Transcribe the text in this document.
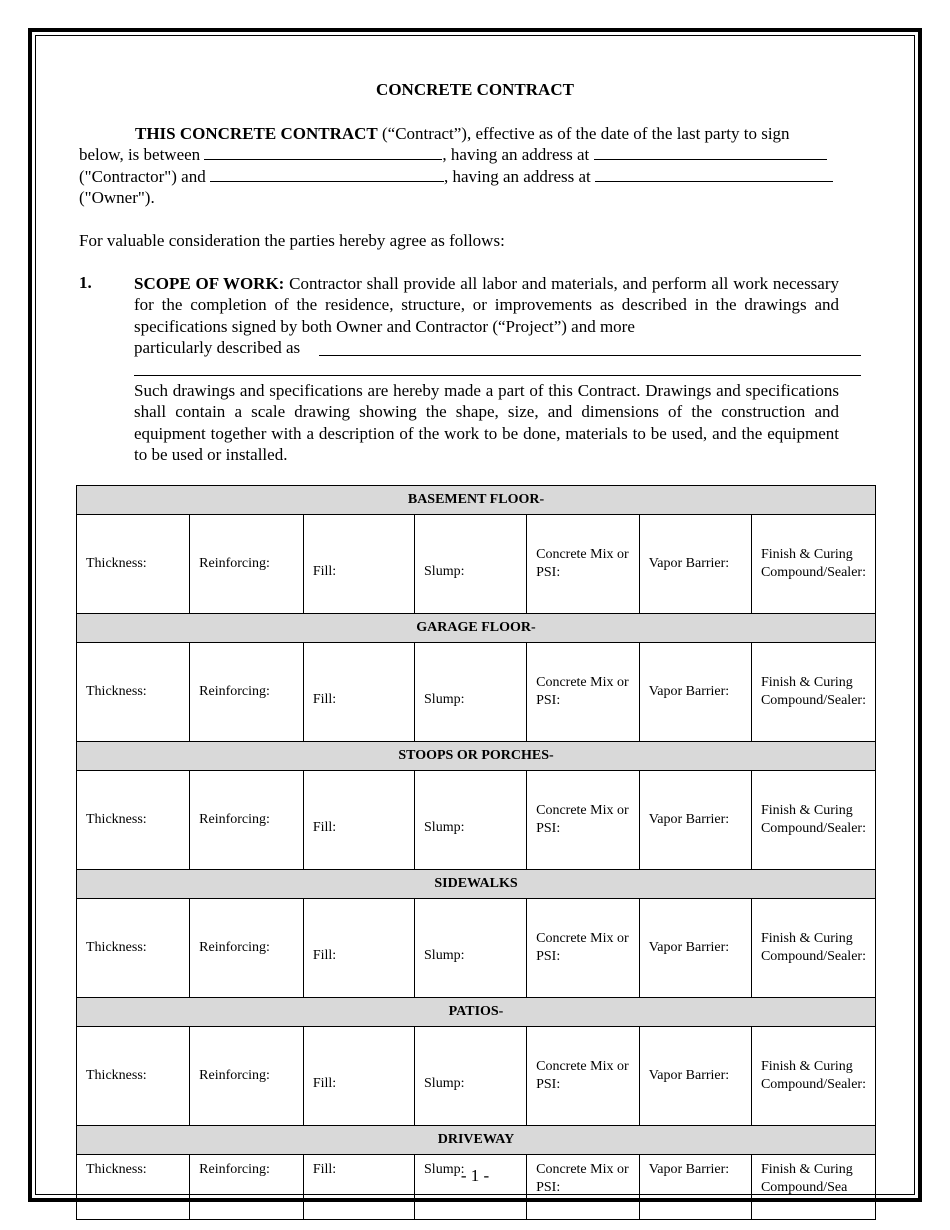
CONCRETE CONTRACT
THIS CONCRETE CONTRACT (“Contract”), effective as of the date of the last party to sign
below, is between	, having an address at
("Contractor") and	, having an address at
("Owner").
For valuable consideration the parties hereby agree as follows:
1. SCOPE OF WORK: Contractor shall provide all labor and materials, and perform all work necessary for the completion of the residence, structure, or improvements as described in the drawings and specifications signed by both Owner and Contractor (“Project”) and more
particularly described as
Such drawings and specifications are hereby made a part of this Contract. Drawings and specifications shall contain a scale drawing showing the shape, size, and dimensions of the construction and equipment together with a description of the work to be done, materials to be used, and the equipment to be used or installed.
BASEMENT FLOOR-						
Thickness:	Reinforcing:	Fill:	Slump:	Concrete Mix or PSI:	Vapor Barrier:	Finish & Curing Compound/Sealer:
GARAGE FLOOR-						
Thickness:	Reinforcing:	Fill:	Slump:	Concrete Mix or PSI:	Vapor Barrier:	Finish & Curing Compound/Sealer:
STOOPS OR PORCHES-						
Thickness:	Reinforcing:	Fill:	Slump:	Concrete Mix or PSI:	Vapor Barrier:	Finish & Curing Compound/Sealer:
SIDEWALKS						
Thickness:	Reinforcing:	Fill:	Slump:	Concrete Mix or PSI:	Vapor Barrier:	Finish & Curing Compound/Sealer:
PATIOS-						
Thickness:	Reinforcing:	Fill:	Slump:	Concrete Mix or PSI:	Vapor Barrier:	Finish & Curing Compound/Sealer:
DRIVEWAY						
Thickness:	Reinforcing:	Fill:	Slump:	Concrete Mix or PSI:	Vapor Barrier:	Finish & Curing Compound/Sea
- 1 -
